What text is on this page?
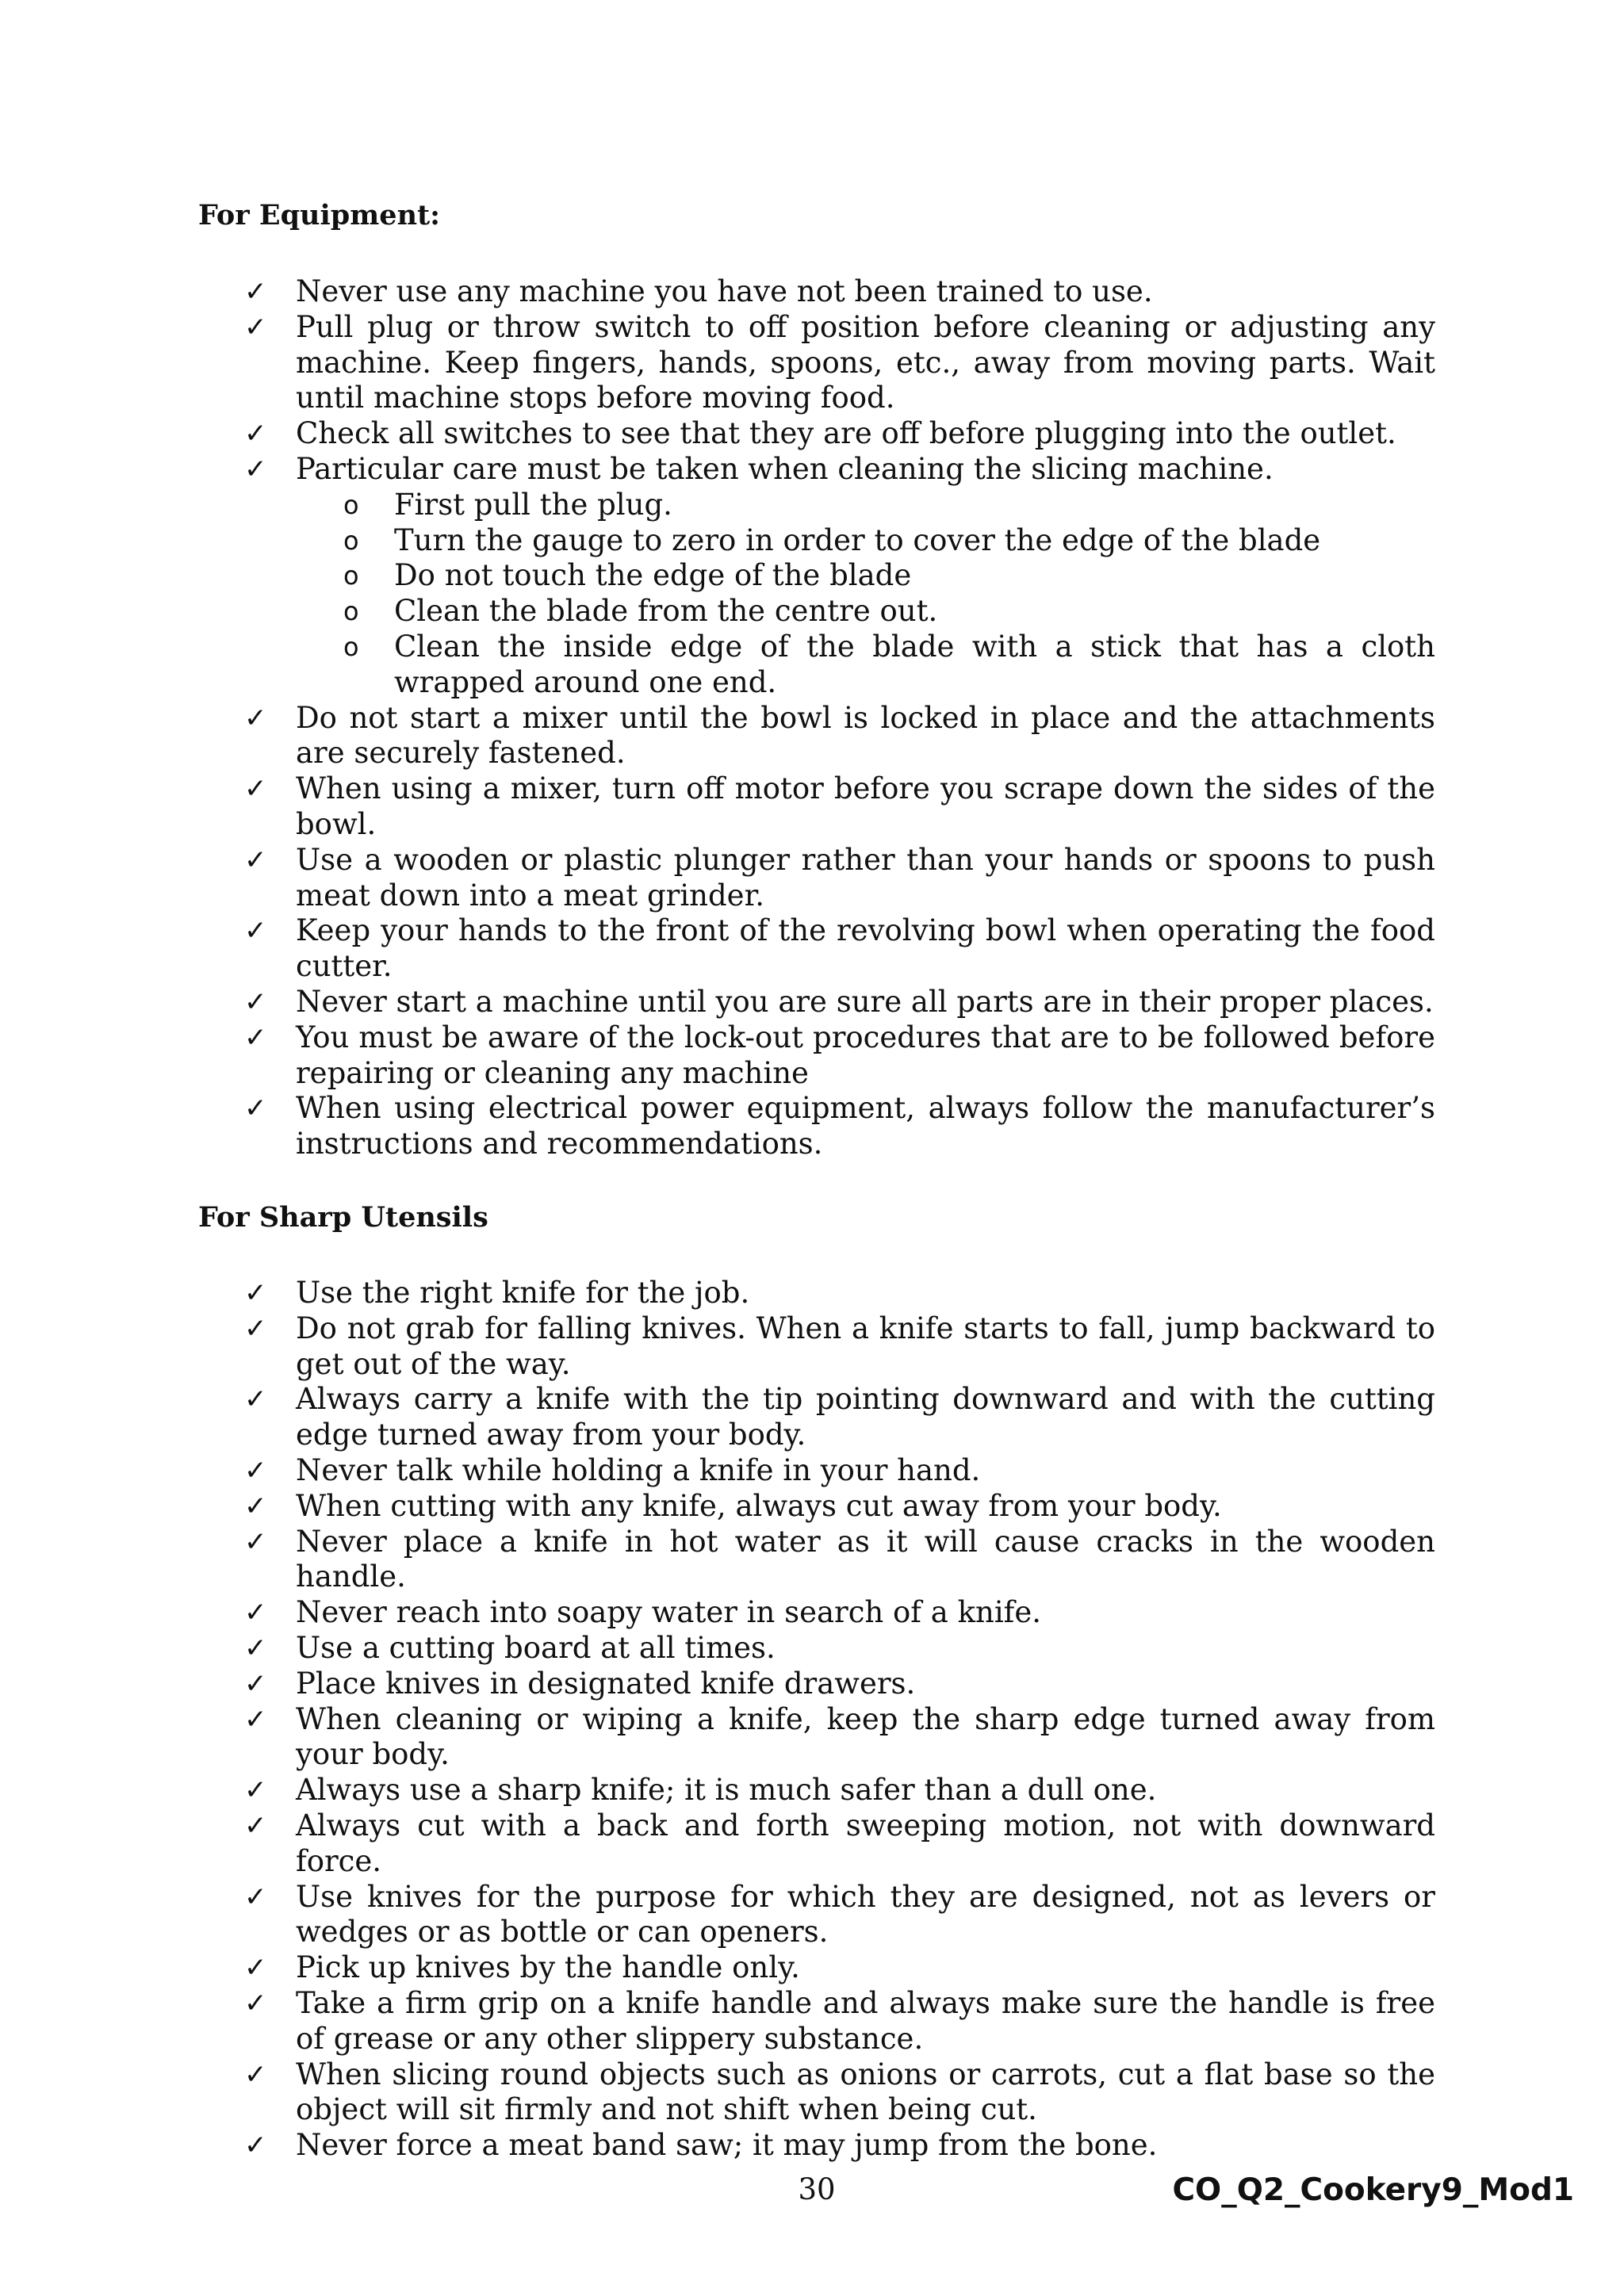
For Equipment:
✓ Never use any machine you have not been trained to use.
✓ Pull plug or throw switch to off position before cleaning or adjusting any machine. Keep fingers, hands, spoons, etc., away from moving parts. Wait until machine stops before moving food.
✓ Check all switches to see that they are off before plugging into the outlet.
✓ Particular care must be taken when cleaning the slicing machine.
o First pull the plug.
o Turn the gauge to zero in order to cover the edge of the blade
o Do not touch the edge of the blade
o Clean the blade from the centre out.
o Clean the inside edge of the blade with a stick that has a cloth wrapped around one end.
✓ Do not start a mixer until the bowl is locked in place and the attachments are securely fastened.
✓ When using a mixer, turn off motor before you scrape down the sides of the bowl.
✓ Use a wooden or plastic plunger rather than your hands or spoons to push meat down into a meat grinder.
✓ Keep your hands to the front of the revolving bowl when operating the food cutter.
✓ Never start a machine until you are sure all parts are in their proper places.
✓ You must be aware of the lock-out procedures that are to be followed before repairing or cleaning any machine
✓ When using electrical power equipment, always follow the manufacturer’s instructions and recommendations.
For Sharp Utensils
✓ Use the right knife for the job.
✓ Do not grab for falling knives. When a knife starts to fall, jump backward to get out of the way.
✓ Always carry a knife with the tip pointing downward and with the cutting edge turned away from your body.
✓ Never talk while holding a knife in your hand.
✓ When cutting with any knife, always cut away from your body.
✓ Never place a knife in hot water as it will cause cracks in the wooden handle.
✓ Never reach into soapy water in search of a knife.
✓ Use a cutting board at all times.
✓ Place knives in designated knife drawers.
✓ When cleaning or wiping a knife, keep the sharp edge turned away from your body.
✓ Always use a sharp knife; it is much safer than a dull one.
✓ Always cut with a back and forth sweeping motion, not with downward force.
✓ Use knives for the purpose for which they are designed, not as levers or wedges or as bottle or can openers.
✓ Pick up knives by the handle only.
✓ Take a firm grip on a knife handle and always make sure the handle is free of grease or any other slippery substance.
✓ When slicing round objects such as onions or carrots, cut a flat base so the object will sit firmly and not shift when being cut.
✓ Never force a meat band saw; it may jump from the bone.
30	CO_Q2_Cookery9_Mod1
